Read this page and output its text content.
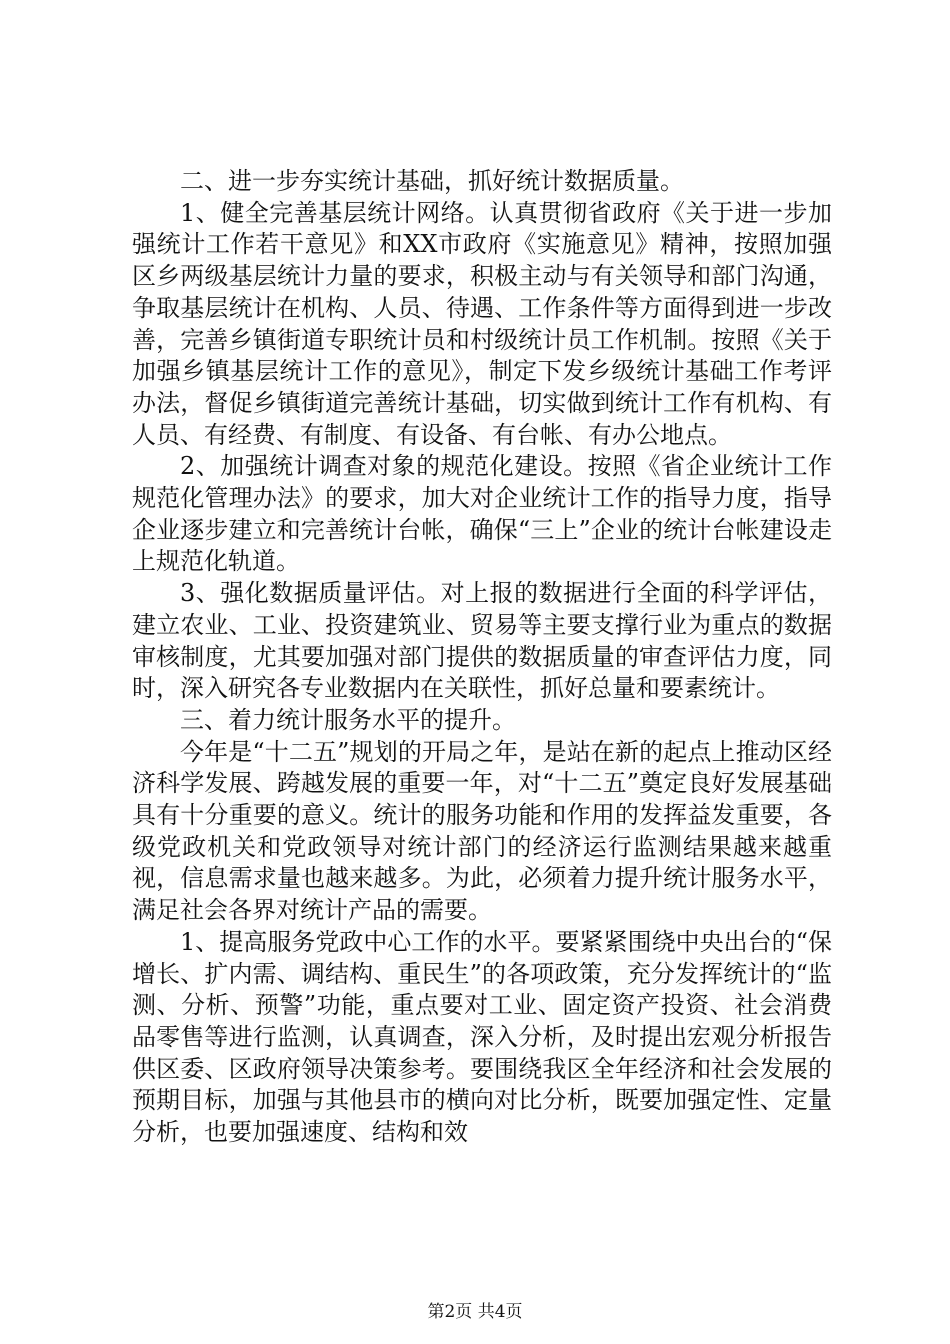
二、进一步夯实统计基础，抓好统计数据质量。

1、健全完善基层统计网络。认真贯彻省政府《关于进一步加强统计工作若干意见》和XX市政府《实施意见》精神，按照加强区乡两级基层统计力量的要求，积极主动与有关领导和部门沟通，争取基层统计在机构、人员、待遇、工作条件等方面得到进一步改善，完善乡镇街道专职统计员和村级统计员工作机制。按照《关于加强乡镇基层统计工作的意见》，制定下发乡级统计基础工作考评办法，督促乡镇街道完善统计基础，切实做到统计工作有机构、有人员、有经费、有制度、有设备、有台帐、有办公地点。

2、加强统计调查对象的规范化建设。按照《省企业统计工作规范化管理办法》的要求，加大对企业统计工作的指导力度，指导企业逐步建立和完善统计台帐，确保“三上”企业的统计台帐建设走上规范化轨道。

3、强化数据质量评估。对上报的数据进行全面的科学评估，建立农业、工业、投资建筑业、贸易等主要支撑行业为重点的数据审核制度，尤其要加强对部门提供的数据质量的审查评估力度，同时，深入研究各专业数据内在关联性，抓好总量和要素统计。

三、着力统计服务水平的提升。

今年是“十二五”规划的开局之年，是站在新的起点上推动区经济科学发展、跨越发展的重要一年，对“十二五”奠定良好发展基础具有十分重要的意义。统计的服务功能和作用的发挥益发重要，各级党政机关和党政领导对统计部门的经济运行监测结果越来越重视，信息需求量也越来越多。为此，必须着力提升统计服务水平，满足社会各界对统计产品的需要。

1、提高服务党政中心工作的水平。要紧紧围绕中央出台的“保增长、扩内需、调结构、重民生”的各项政策，充分发挥统计的“监测、分析、预警”功能，重点要对工业、固定资产投资、社会消费品零售等进行监测，认真调查，深入分析，及时提出宏观分析报告供区委、区政府领导决策参考。要围绕我区全年经济和社会发展的预期目标，加强与其他县市的横向对比分析，既要加强定性、定量分析，也要加强速度、结构和效

第2页 共4页
